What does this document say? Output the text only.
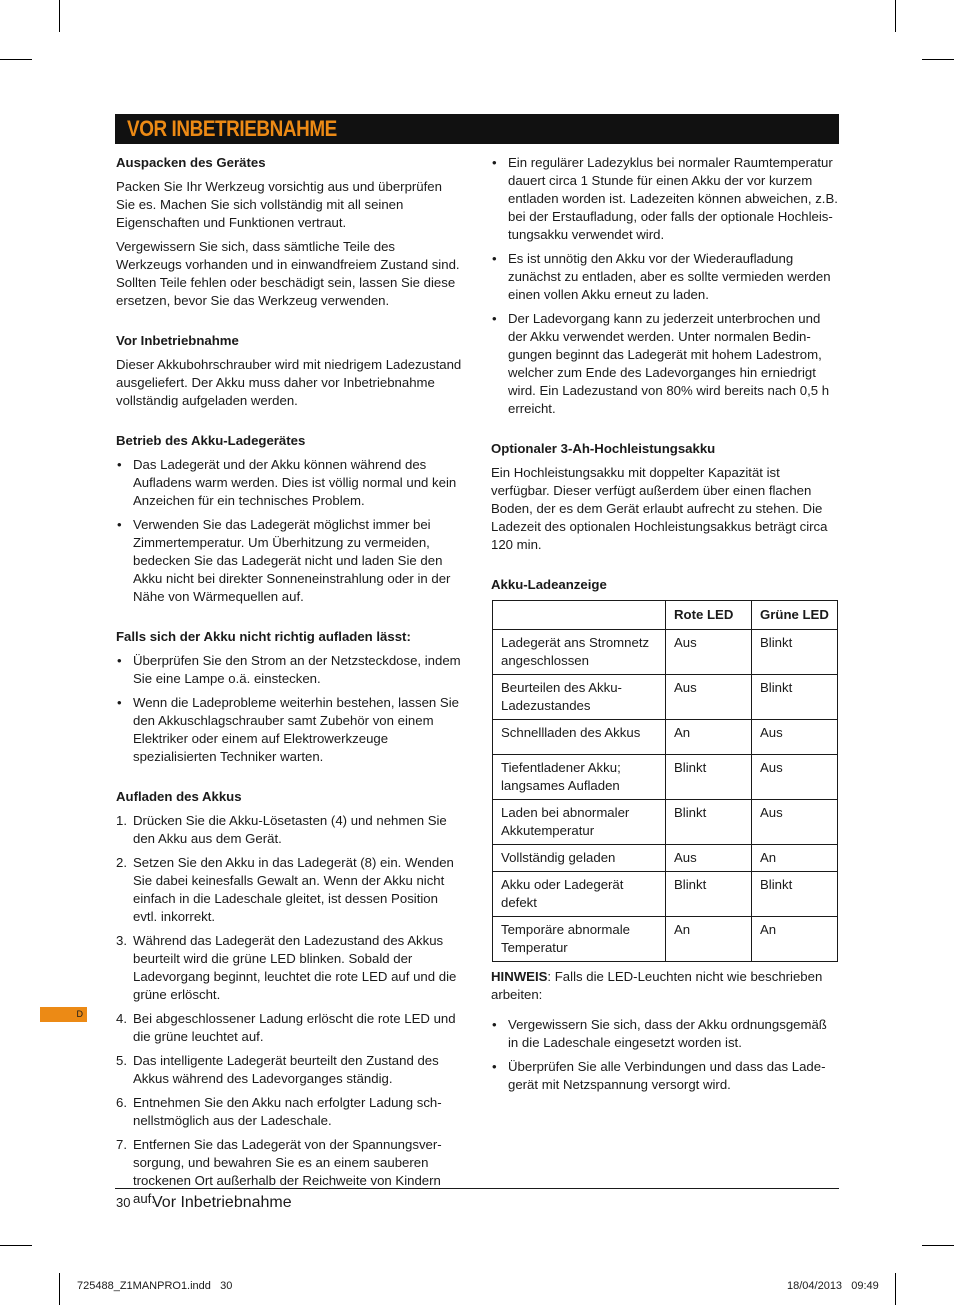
VOR INBETRIEBNAHME
Auspacken des Gerätes

Packen Sie Ihr Werkzeug vorsichtig aus und überprüfen Sie es. Machen Sie sich vollständig mit all seinen Eigenschaften und Funktionen vertraut.

Vergewissern Sie sich, dass sämtliche Teile des Werkzeugs vorhanden und in einwandfreiem Zustand sind. Sollten Teile fehlen oder beschädigt sein, lassen Sie diese ersetzen, bevor Sie das Werkzeug verwenden.

Vor Inbetriebnahme

Dieser Akkubohrschrauber wird mit niedrigem Ladezustand ausgeliefert. Der Akku muss daher vor Inbetriebnahme vollständig aufgeladen werden.

Betrieb des Akku-Ladegerätes
• Das Ladegerät und der Akku können während des Aufladens warm werden. Dies ist völlig normal und kein Anzeichen für ein technisches Problem.
• Verwenden Sie das Ladegerät möglichst immer bei Zimmertemperatur. Um Überhitzung zu vermeiden, bedecken Sie das Ladegerät nicht und laden Sie den Akku nicht bei direkter Sonneneinstrahlung oder in der Nähe von Wärmequellen auf.
Falls sich der Akku nicht richtig aufladen lässt:
• Überprüfen Sie den Strom an der Netzsteckdose, indem Sie eine Lampe o.ä. einstecken.
• Wenn die Ladeprobleme weiterhin bestehen, lassen Sie den Akkuschlagschrauber samt Zubehör von einem Elektriker oder einem auf Elektrowerkzeuge spezialisierten Techniker warten.
Aufladen des Akkus
1. Drücken Sie die Akku-Lösetasten (4) und nehmen Sie den Akku aus dem Gerät.
2. Setzen Sie den Akku in das Ladegerät (8) ein. Wenden Sie dabei keinesfalls Gewalt an. Wenn der Akku nicht einfach in die Ladeschale gleitet, ist dessen Position evtl. inkorrekt.
3. Während das Ladegerät den Ladezustand des Akkus beurteilt wird die grüne LED blinken. Sobald der Ladevorgang beginnt, leuchtet die rote LED auf und die grüne erlöscht.
4. Bei abgeschlossener Ladung erlöscht die rote LED und die grüne leuchtet auf.
5. Das intelligente Ladegerät beurteilt den Zustand des Akkus während des Ladevorganges ständig.
6. Entnehmen Sie den Akku nach erfolgter Ladung sch-nellstmöglich aus der Ladeschale.
7. Entfernen Sie das Ladegerät von der Spannungsver-sorgung, und bewahren Sie es an einem sauberen trockenen Ort außerhalb der Reichweite von Kindern auf.
• Ein regulärer Ladezyklus bei normaler Raumtemperatur dauert circa 1 Stunde für einen Akku der vor kurzem entladen worden ist. Ladezeiten können abweichen, z.B. bei der Erstaufladung, oder falls der optionale Hochleis-tungsakku verwendet wird.
• Es ist unnötig den Akku vor der Wiederaufladung zunächst zu entladen, aber es sollte vermieden werden einen vollen Akku erneut zu laden.
• Der Ladevorgang kann zu jederzeit unterbrochen und der Akku verwendet werden. Unter normalen Bedin-gungen beginnt das Ladegerät mit hohem Ladestrom, welcher zum Ende des Ladevorganges hin erniedrigt wird. Ein Ladezustand von 80% wird bereits nach 0,5 h erreicht.
Optionaler 3-Ah-Hochleistungsakku

Ein Hochleistungsakku mit doppelter Kapazität ist verfügbar. Dieser verfügt außerdem über einen flachen Boden, der es dem Gerät erlaubt aufrecht zu stehen. Die Ladezeit des optionalen Hochleistungsakkus beträgt circa 120 min.

Akku-Ladeanzeige
	Rote LED	Grüne LED
Ladegerät ans Stromnetz angeschlossen	Aus	Blinkt
Beurteilen des Akku-Ladezustandes	Aus	Blinkt
Schnellladen des Akkus	An	Aus
Tiefentladener Akku; langsames Aufladen	Blinkt	Aus
Laden bei abnormaler Akkutemperatur	Blinkt	Aus
Vollständig geladen	Aus	An
Akku oder Ladegerät defekt	Blinkt	Blinkt
Temporäre abnormale Temperatur	An	An

HINWEIS: Falls die LED-Leuchten nicht wie beschrieben arbeiten:

• Vergewissern Sie sich, dass der Akku ordnungsgemäß in die Ladeschale eingesetzt worden ist.
• Überprüfen Sie alle Verbindungen und dass das Lade-gerät mit Netzspannung versorgt wird.
D
30 Vor Inbetriebnahme
725488_Z1MANPRO1.indd   30	18/04/2013   09:49
